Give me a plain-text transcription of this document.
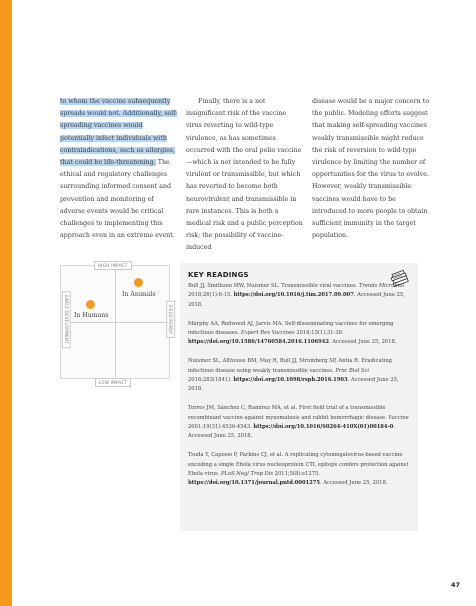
to whom the vaccine subsequently spreads would not. Additionally, self-spreading vaccines would potentially infect individuals with contraindications, such as allergies, that could be life-threatening. The ethical and regulatory challenges surrounding informed consent and prevention and monitoring of adverse events would be critical challenges to implementing this approach even in an extreme event.

Finally, there is a not insignificant risk of the vaccine virus reverting to wild-type virulence, as has sometimes occurred with the oral polio vaccine—which is not intended to be fully virulent or transmissible, but which has reverted to become both neurovirulent and transmissible in rare instances. This is both a medical risk and a public perception risk; the possibility of vaccine-induced

disease would be a major concern to the public. Modeling efforts suggest that making self-spreading vaccines weakly transmissible might reduce the risk of reversion to wild-type virulence by limiting the number of opportunities for the virus to evolve. However, weakly transmissible vaccines would have to be introduced to more people to obtain sufficient immunity in the target population.

HIGH IMPACT
LOW IMPACT
EARLY DEVELOPMENT	FIELD-READY
In Humans
In Animals
KEY READINGS

Bull JJ, Smithson MW, Nuismer SL. Transmissible viral vaccines. Trends Microbiol 2018;26(1):6-15. https://doi.org/10.1016/j.tim.2017.09.007. Accessed June 25, 2018.

Murphy AA, Redwood AJ, Jarvis MA. Self-disseminating vaccines for emerging infectious diseases. Expert Rev Vaccines 2016;15(1):31-39. https://doi.org/10.1586/14760584.2016.1106942. Accessed June 25, 2018.

Nuismer SL, Althouse BM, May R, Bull JJ, Stromberg SP, Antia R. Eradicating infectious disease using weakly transmissible vaccines. Proc Biol Sci 2016;283(1841). https://doi.org/10.1098/rspb.2016.1903. Accessed June 25, 2018.

Torres JM, Sánchez C, Ramírez MA, et al. First field trial of a transmissible recombinant vaccine against myxomatosis and rabbit hemorrhagic disease. Vaccine 2001;19(31):4536-4543. https://doi.org/10.1016/S0264-410X(01)00184-0. Accessed June 25, 2018.

Tsuda Y, Caposio P, Parkins CJ, et al. A replicating cytomegalovirus-based vaccine encoding a single Ebola virus nucleoprotein CTL epitope confers protection against Ebola virus. PLoS Negl Trop Dis 2011;5(8):e1275. https://doi.org/10.1371/journal.pntd.0001275. Accessed June 25, 2018.

47
